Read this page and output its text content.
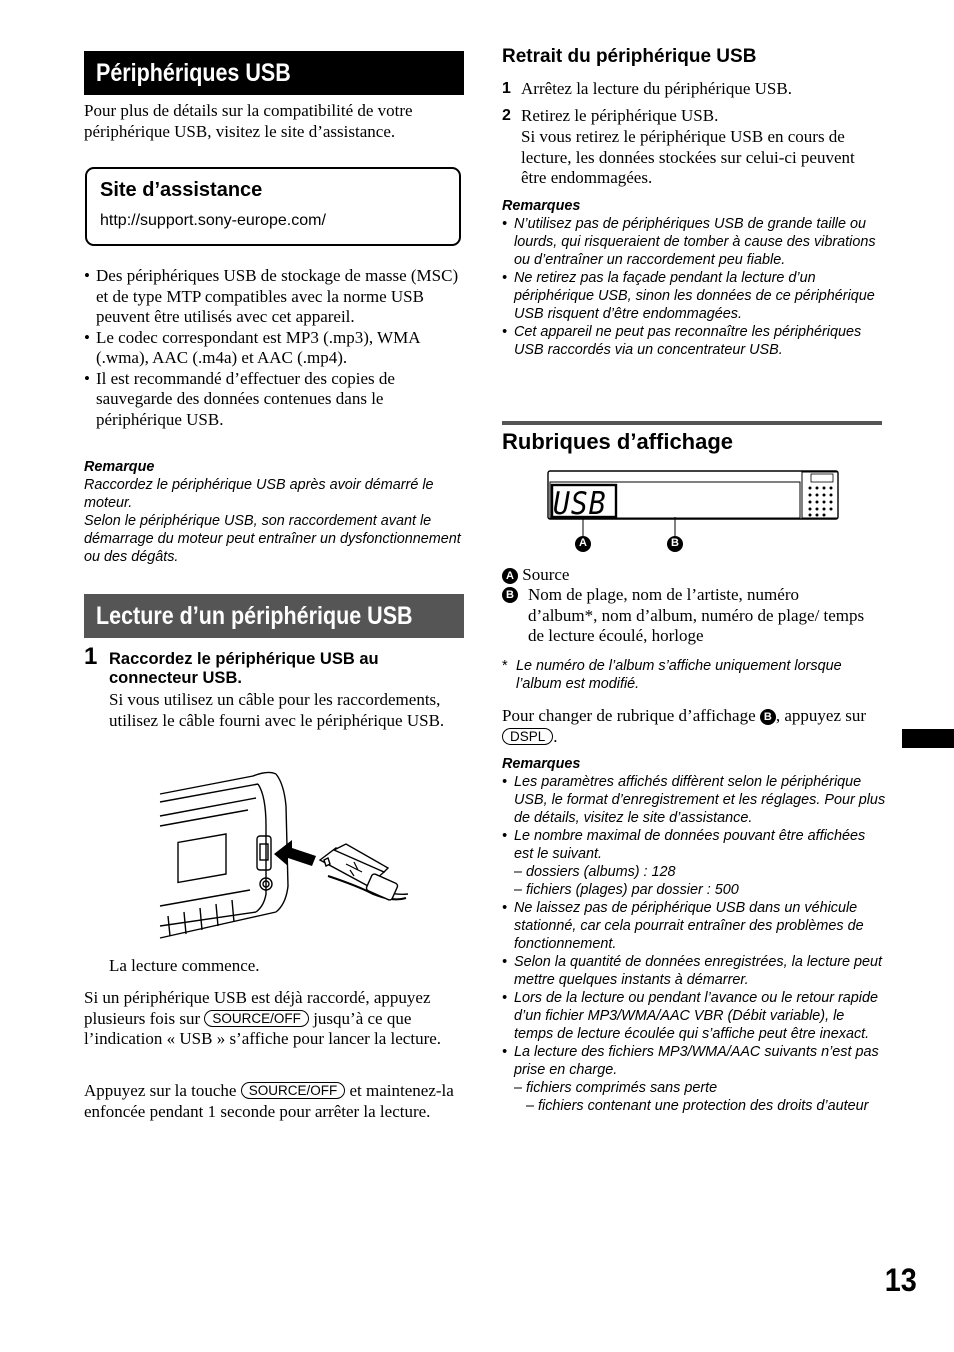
Périphériques USB
Pour plus de détails sur la compatibilité de votre périphérique USB, visitez le site d’assistance.
Site d’assistance
http://support.sony-europe.com/
• Des périphériques USB de stockage de masse (MSC) et de type MTP compatibles avec la norme USB peuvent être utilisés avec cet appareil.
• Le codec correspondant est MP3 (.mp3), WMA (.wma), AAC (.m4a) et AAC (.mp4).
• Il est recommandé d’effectuer des copies de sauvegarde des données contenues dans le périphérique USB.
Remarque
Raccordez le périphérique USB après avoir démarré le moteur.
Selon le périphérique USB, son raccordement avant le démarrage du moteur peut entraîner un dysfonctionnement ou des dégâts.
Lecture d’un périphérique USB
1 Raccordez le périphérique USB au connecteur USB.
Si vous utilisez un câble pour les raccordements, utilisez le câble fourni avec le périphérique USB.
La lecture commence.
Si un périphérique USB est déjà raccordé, appuyez plusieurs fois sur SOURCE/OFF jusqu’à ce que l’indication « USB » s’affiche pour lancer la lecture.
Appuyez sur la touche SOURCE/OFF et maintenez-la enfoncée pendant 1 seconde pour arrêter la lecture.
Retrait du périphérique USB
1 Arrêtez la lecture du périphérique USB.
2 Retirez le périphérique USB.
Si vous retirez le périphérique USB en cours de lecture, les données stockées sur celui-ci peuvent être endommagées.
Remarques
• N’utilisez pas de périphériques USB de grande taille ou lourds, qui risqueraient de tomber à cause des vibrations ou d’entraîner un raccordement peu fiable.
• Ne retirez pas la façade pendant la lecture d’un périphérique USB, sinon les données de ce périphérique USB risquent d’être endommagées.
• Cet appareil ne peut pas reconnaître les périphériques USB raccordés via un concentrateur USB.
Rubriques d’affichage
USB
A	B
A Source
B Nom de plage, nom de l’artiste, numéro d’album*, nom d’album, numéro de plage/ temps de lecture écoulé, horloge
* Le numéro de l’album s’affiche uniquement lorsque l’album est modifié.
Pour changer de rubrique d’affichage B , appuyez sur DSPL .
Remarques
• Les paramètres affichés diffèrent selon le périphérique USB, le format d’enregistrement et les réglages. Pour plus de détails, visitez le site d’assistance.
• Le nombre maximal de données pouvant être affichées est le suivant.
– dossiers (albums) : 128
– fichiers (plages) par dossier : 500
• Ne laissez pas de périphérique USB dans un véhicule stationné, car cela pourrait entraîner des problèmes de fonctionnement.
• Selon la quantité de données enregistrées, la lecture peut mettre quelques instants à démarrer.
• Lors de la lecture ou pendant l’avance ou le retour rapide d’un fichier MP3/WMA/AAC VBR (Débit variable), le temps de lecture écoulée qui s’affiche peut être inexact.
• La lecture des fichiers MP3/WMA/AAC suivants n’est pas prise en charge.
– fichiers comprimés sans perte
– fichiers contenant une protection des droits d’auteur
13
